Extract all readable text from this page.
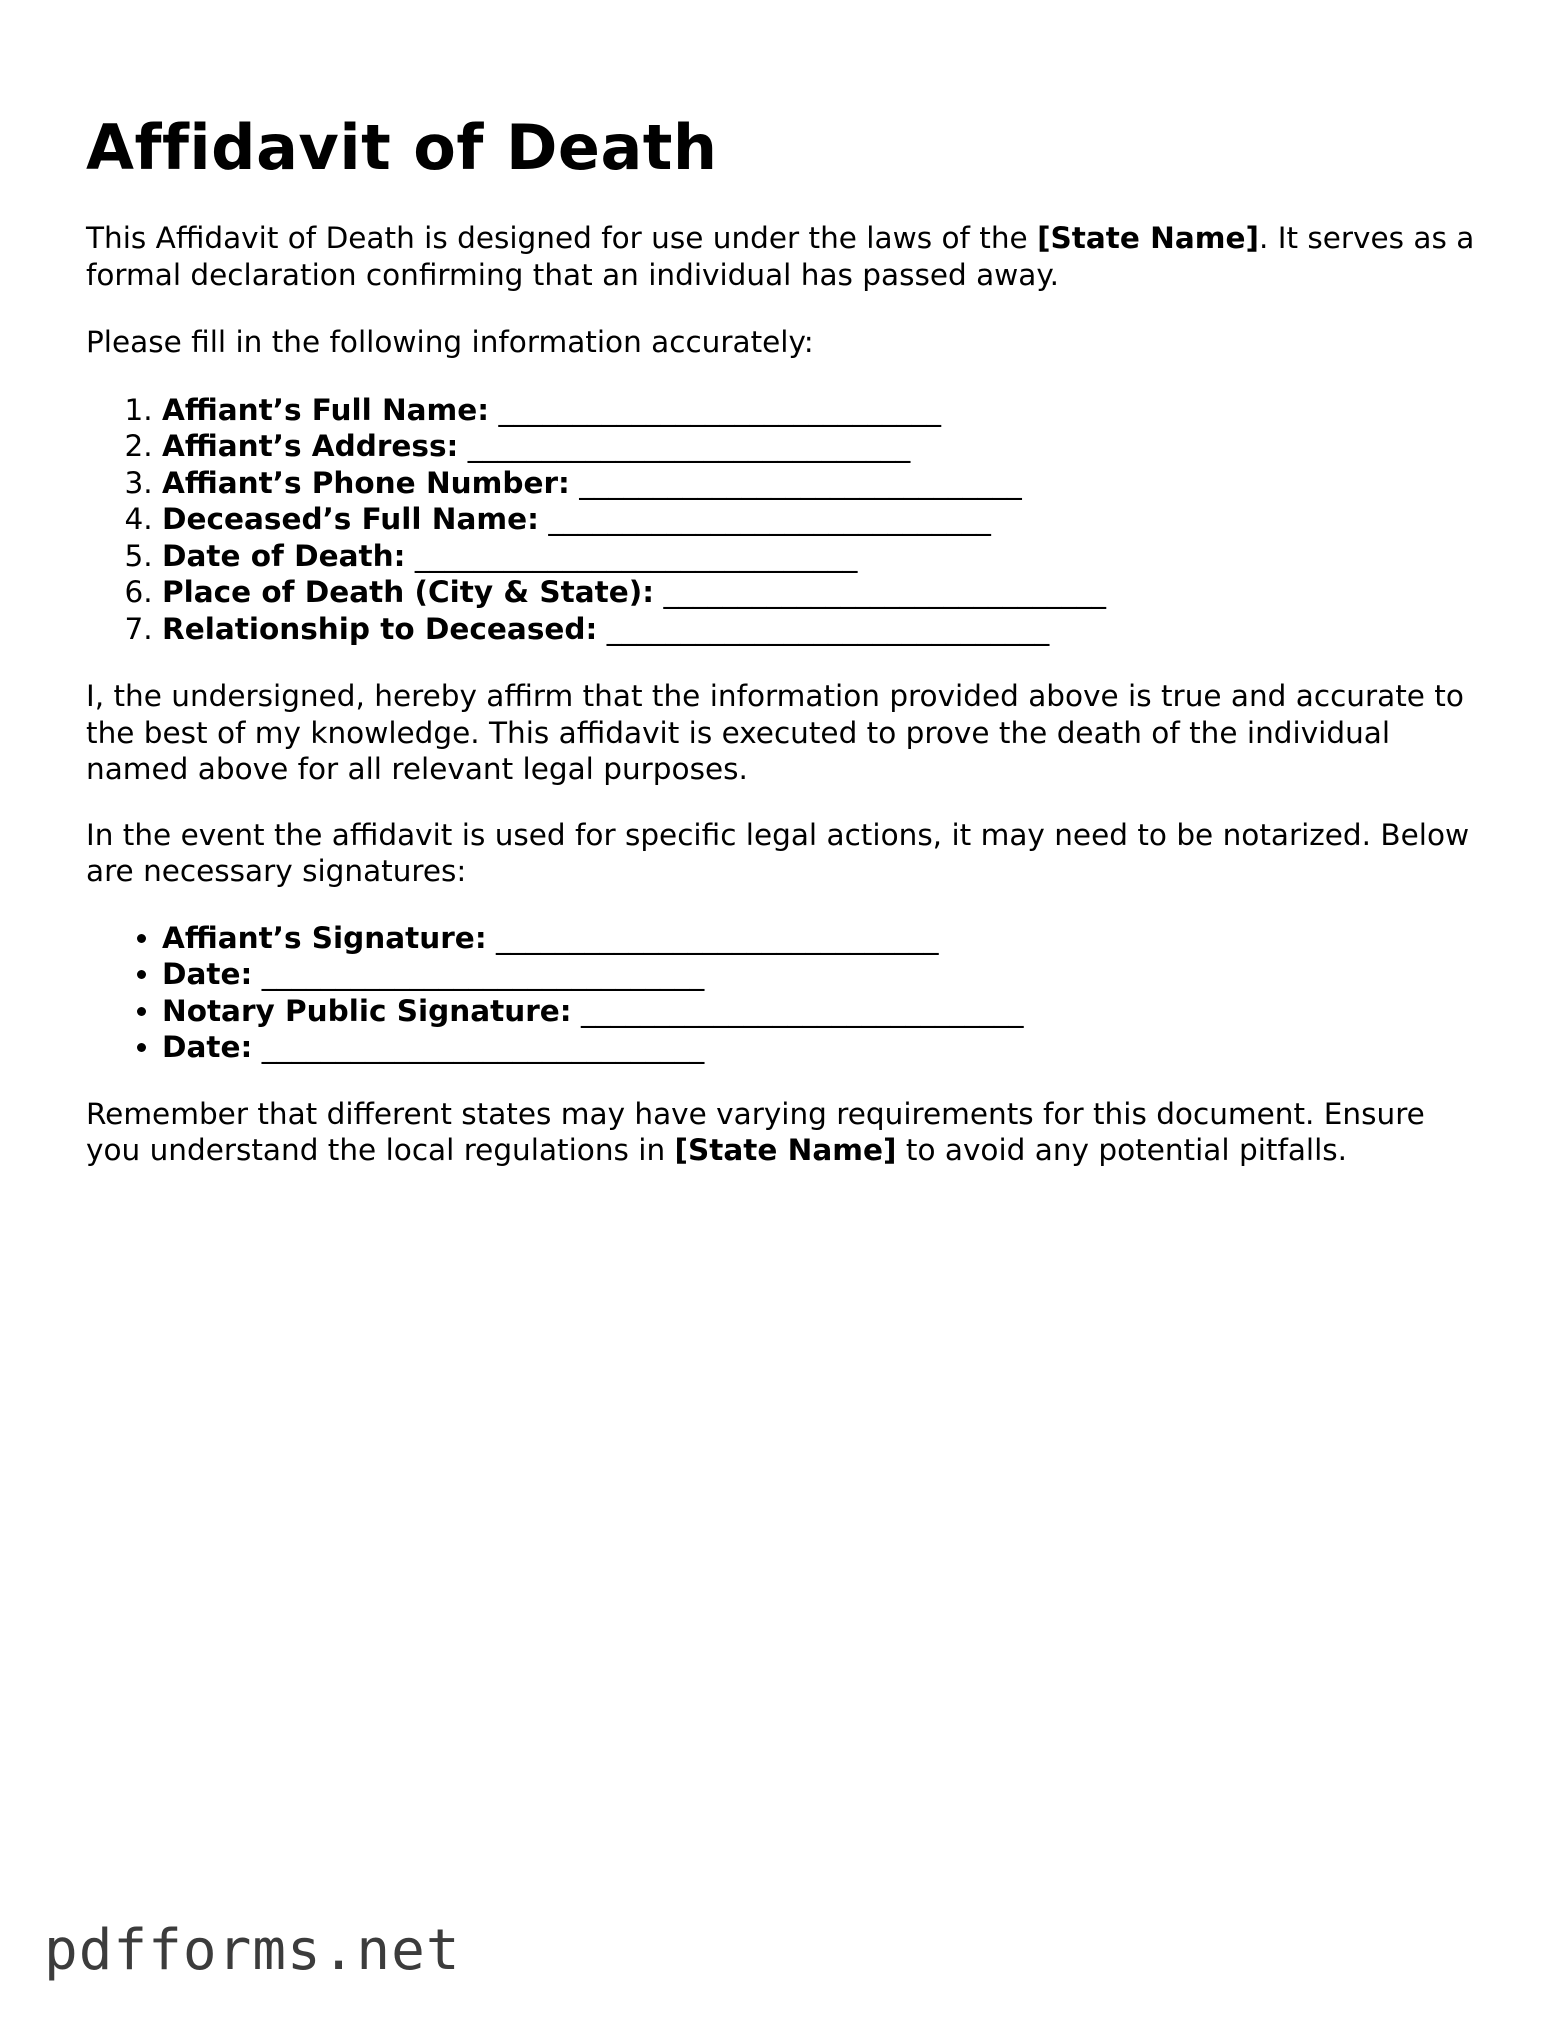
Affidavit of Death

This Affidavit of Death is designed for use under the laws of the [State Name]. It serves as a formal declaration confirming that an individual has passed away.

Please fill in the following information accurately:

1. Affiant’s Full Name: ______________________________
2. Affiant’s Address: ______________________________
3. Affiant’s Phone Number: ______________________________
4. Deceased’s Full Name: ______________________________
5. Date of Death: ______________________________
6. Place of Death (City & State): ______________________________
7. Relationship to Deceased: ______________________________

I, the undersigned, hereby affirm that the information provided above is true and accurate to the best of my knowledge. This affidavit is executed to prove the death of the individual named above for all relevant legal purposes.

In the event the affidavit is used for specific legal actions, it may need to be notarized. Below are necessary signatures:

• Affiant’s Signature: ______________________________
• Date: ______________________________
• Notary Public Signature: ______________________________
• Date: ______________________________

Remember that different states may have varying requirements for this document. Ensure you understand the local regulations in [State Name] to avoid any potential pitfalls.

pdfforms.net
